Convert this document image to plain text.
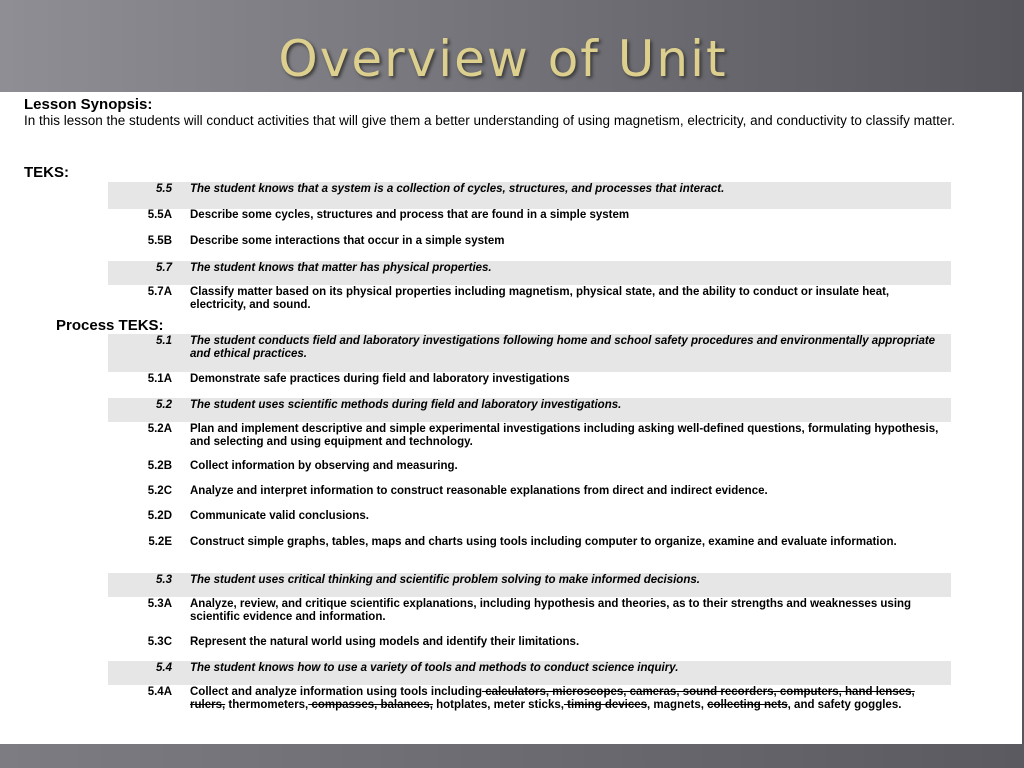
Overview of Unit
Lesson Synopsis:
In this lesson the students will conduct activities that will give them a better understanding of using magnetism, electricity, and conductivity to classify matter.
TEKS:
5.5 The student knows that a system is a collection of cycles, structures, and processes that interact.
5.5A Describe some cycles, structures and process that are found in a simple system
5.5B Describe some interactions that occur in a simple system
5.7 The student knows that matter has physical properties.
5.7A Classify matter based on its physical properties including magnetism, physical state, and the ability to conduct or insulate heat, electricity, and sound.
Process TEKS:
5.1 The student conducts field and laboratory investigations following home and school safety procedures and environmentally appropriate and ethical practices.
5.1A Demonstrate safe practices during field and laboratory investigations
5.2 The student uses scientific methods during field and laboratory investigations.
5.2A Plan and implement descriptive and simple experimental investigations including asking well-defined questions, formulating hypothesis, and selecting and using equipment and technology.
5.2B Collect information by observing and measuring.
5.2C Analyze and interpret information to construct reasonable explanations from direct and indirect evidence.
5.2D Communicate valid conclusions.
5.2E Construct simple graphs, tables, maps and charts using tools including computer to organize, examine and evaluate information.
5.3 The student uses critical thinking and scientific problem solving to make informed decisions.
5.3A Analyze, review, and critique scientific explanations, including hypothesis and theories, as to their strengths and weaknesses using scientific evidence and information.
5.3C Represent the natural world using models and identify their limitations.
5.4 The student knows how to use a variety of tools and methods to conduct science inquiry.
5.4A Collect and analyze information using tools including calculators, microscopes, cameras, sound recorders, computers, hand lenses, rulers, thermometers, compasses, balances, hotplates, meter sticks, timing devices, magnets, collecting nets, and safety goggles.
